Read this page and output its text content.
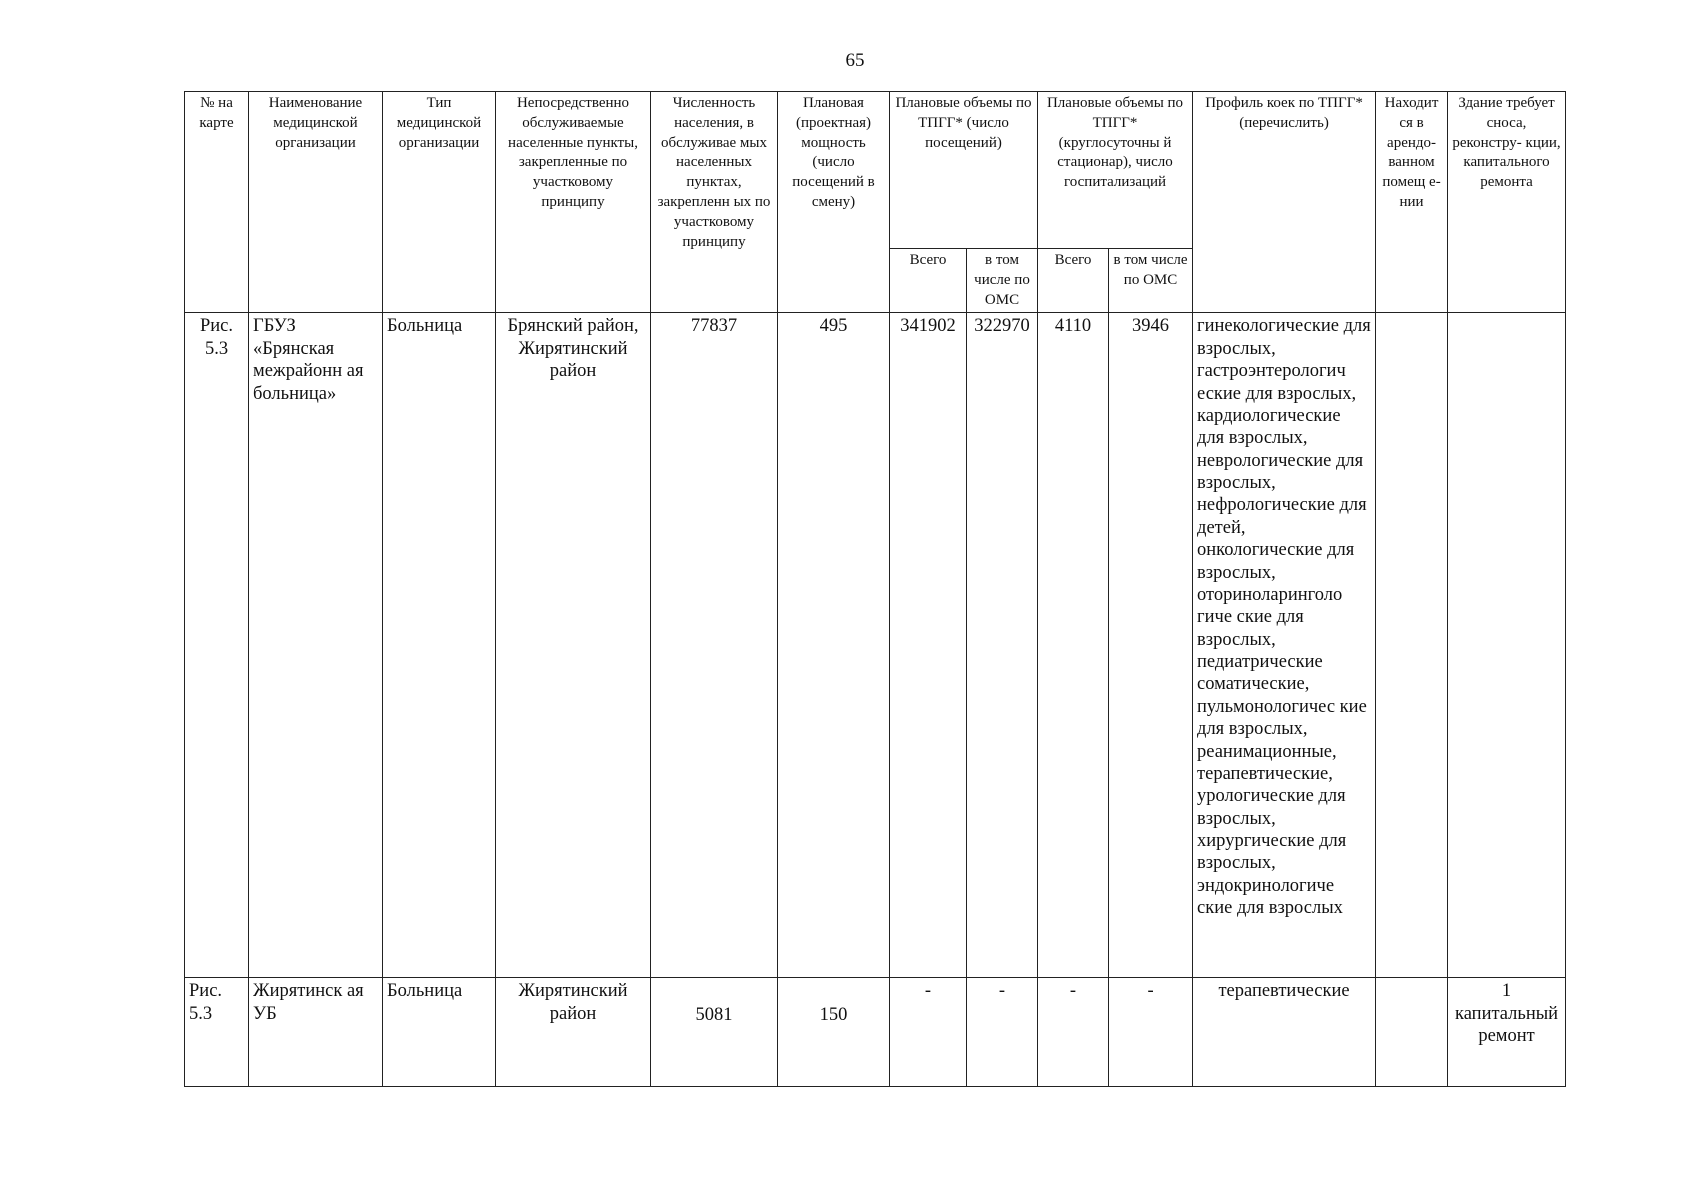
65
№ на карте	Наименование медицинской организации	Тип медицинской организации	Непосредственно обслуживаемые населенные пункты, закрепленные по участковому принципу	Численность населения, в обслуживае мых населенных пунктах, закрепленн ых по участковому принципу	Плановая (проектная) мощность (число посещений в смену)	Плановые объемы по ТПГГ* (число посещений)		Плановые объемы по ТПГГ* (круглосуточны й стационар), число госпитализаций		Профиль коек по ТПГГ* (перечислить)	Находит ся в арендо- ванном помещ е-нии	Здание требует сноса, реконстру- кции, капитального ремонта
						Всего	в том числе по ОМС	Всего	в том числе по ОМС			
Рис. 5.3	ГБУЗ «Брянская межрайонн ая больница»	Больница	Брянский район, Жирятинский район	77837	495	341902	322970	4110	3946	гинекологические для взрослых, гастроэнтерологич еские для взрослых, кардиологические для взрослых, неврологические для взрослых, нефрологические для детей, онкологические для взрослых, оториноларинголо гиче ские для взрослых, педиатрические соматические, пульмонологичес кие для взрослых, реанимационные, терапевтические, урологические для взрослых, хирургические для взрослых, эндокринологиче ские для взрослых		
Рис. 5.3	Жирятинск ая УБ	Больница	Жирятинский район	5081	150	-	-	-	-	терапевтические		1 капитальный ремонт
